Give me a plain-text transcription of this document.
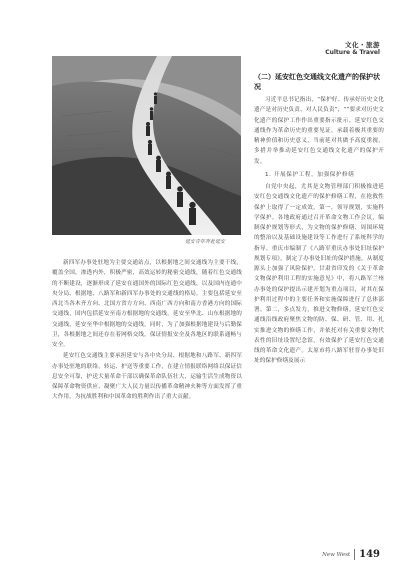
文化・旅游
Culture & Travel
延安青年奔赴延安

新四军办事处驻地为主要交通站点，以根据地之间交通线为主要干线，覆盖全国，渗透内外，积极严密，高效运转的秘密交通线，随着红色交通线的不断建设，逐渐形成了延安在通国外的国际红色交通线，以及国内连通中央分局、根据地、八路军和新四军办事处的交通线的格局。主要包括延安至西北当各木齐方向、北国方省方方向、西南广西方向和南方香港方向的国际交通线，国内包括延安至南方根据地的交通线，延安至华北、山东根据地的交通线，延安至华中根据地的交通线，同时，为了加强根据地建设与后勤保卫，各根据地之间还存在着网格交线，保证情报安全及各地区的联系通畅与安全。

延安红色交通线主要承担延安与各中央分局、根据地和八路军、新四军办事处驻地的联络，转运、护送等重要工作，在建立情报联络网络以保证信息安全可靠，护送大量革命干部以确保革命队伍壮大，运输生活生成物资以保障革命物资供应、凝聚广大人民力量以传播革命精神火种等方面发挥了重大作用，为抗战胜利和中国革命的胜利作出了重大贡献。

（二）延安红色交通线文化遗产的保护状况

习近平总书记指出，“保护好、传承好历史文化遗产是对历史负责、对人民负责”，“”要求对历史文化遗产的保护工作作出重要指示批示。延安红色交通线作为革命历史的重要见证，承载着极其重要的精神价值和历史意义，当前延对其做予高度重视，多措并举推动延安红色交通线文化遗产的保护开发。

1. 开展保护工程，加强保护修缮

自党中央起，尤其是文物管理部门积极推进延安红色交通线文化遗产的保护修缮工程，在抢救性保护上取得了一定成效。第一，领导规划，实施科学保护。各地政府通过召开革命文物工作会议，编制保护规划等形式，为文物的保护修缮、周围环境的整治以及基础设施建设等工作进行了系统科学的指导。重庆市编制了《八路军重庆办事处旧址保护规划专项》，制定了办事处旧址的保护措施，从制度源头上加强了风险保护。甘肃省印发的《关于革命文物保护利用工程的实施意见》中，将八路军兰州办事处的保护提出示建开划为重点项目，对其在保护利用过程中的主要任务和实施保障进行了总体部署。第二，多点发力，推进文物修缮。延安红色交通线沿线政府聚焦文物的防、保、研、管、用、扎实推进文物的修缮工作，并依托对有关重要文物代表性的旧址设置纪念馆，有效保护了延安红色交通线的革命文化遗产。太原市将八路军驻晋办事处旧址的保护修缮及展示

New West 149
